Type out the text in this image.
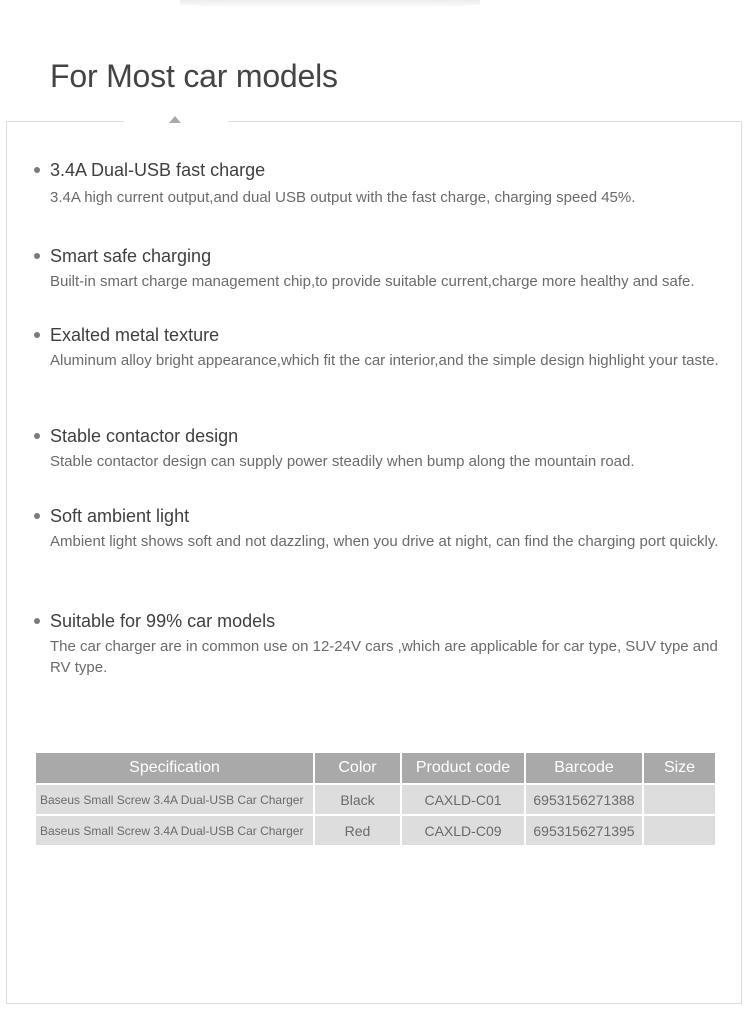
For Most car models
3.4A Dual-USB fast charge
3.4A high current output,and dual USB output with the fast charge, charging speed 45%.
Smart safe charging
Built-in smart charge management chip,to provide suitable current,charge more healthy and safe.
Exalted metal texture
Aluminum alloy bright appearance,which fit the car interior,and the simple design highlight your taste.
Stable contactor design
Stable contactor design can supply power steadily when bump along the mountain road.
Soft ambient light
Ambient light shows soft and not dazzling, when you drive at night, can find the charging port quickly.
Suitable for 99% car models
The car charger are in common use on 12-24V cars ,which are applicable for car type, SUV type and RV type.
Specification	Color	Product code	Barcode	Size
Baseus Small Screw 3.4A Dual-USB Car Charger	Black	CAXLD-C01	6953156271388	
Baseus Small Screw 3.4A Dual-USB Car Charger	Red	CAXLD-C09	6953156271395	
